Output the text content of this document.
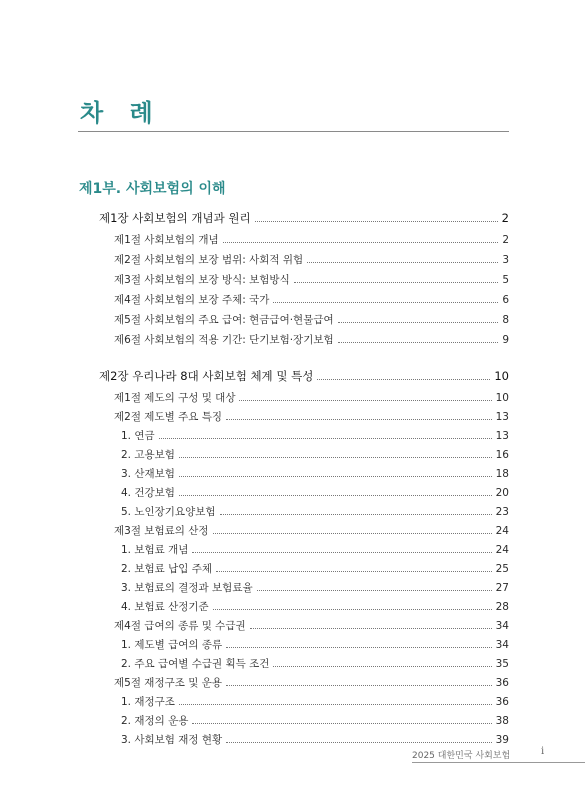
차 례
제1부. 사회보험의 이해
제1장 사회보험의 개념과 원리	2
제1절 사회보험의 개념	2
제2절 사회보험의 보장 범위: 사회적 위험	3
제3절 사회보험의 보장 방식: 보험방식	5
제4절 사회보험의 보장 주체: 국가	6
제5절 사회보험의 주요 급여: 현금급여·현물급여	8
제6절 사회보험의 적용 기간: 단기보험·장기보험	9
제2장 우리나라 8대 사회보험 체계 및 특성	10
제1절 제도의 구성 및 대상	10
제2절 제도별 주요 특징	13
1. 연금	13
2. 고용보험	16
3. 산재보험	18
4. 건강보험	20
5. 노인장기요양보험	23
제3절 보험료의 산정	24
1. 보험료 개념	24
2. 보험료 납입 주체	25
3. 보험료의 결정과 보험료율	27
4. 보험료 산정기준	28
제4절 급여의 종류 및 수급권	34
1. 제도별 급여의 종류	34
2. 주요 급여별 수급권 획득 조건	35
제5절 재정구조 및 운용	36
1. 재정구조	36
2. 재정의 운용	38
3. 사회보험 재정 현황	39
2025 대한민국 사회보험	i
